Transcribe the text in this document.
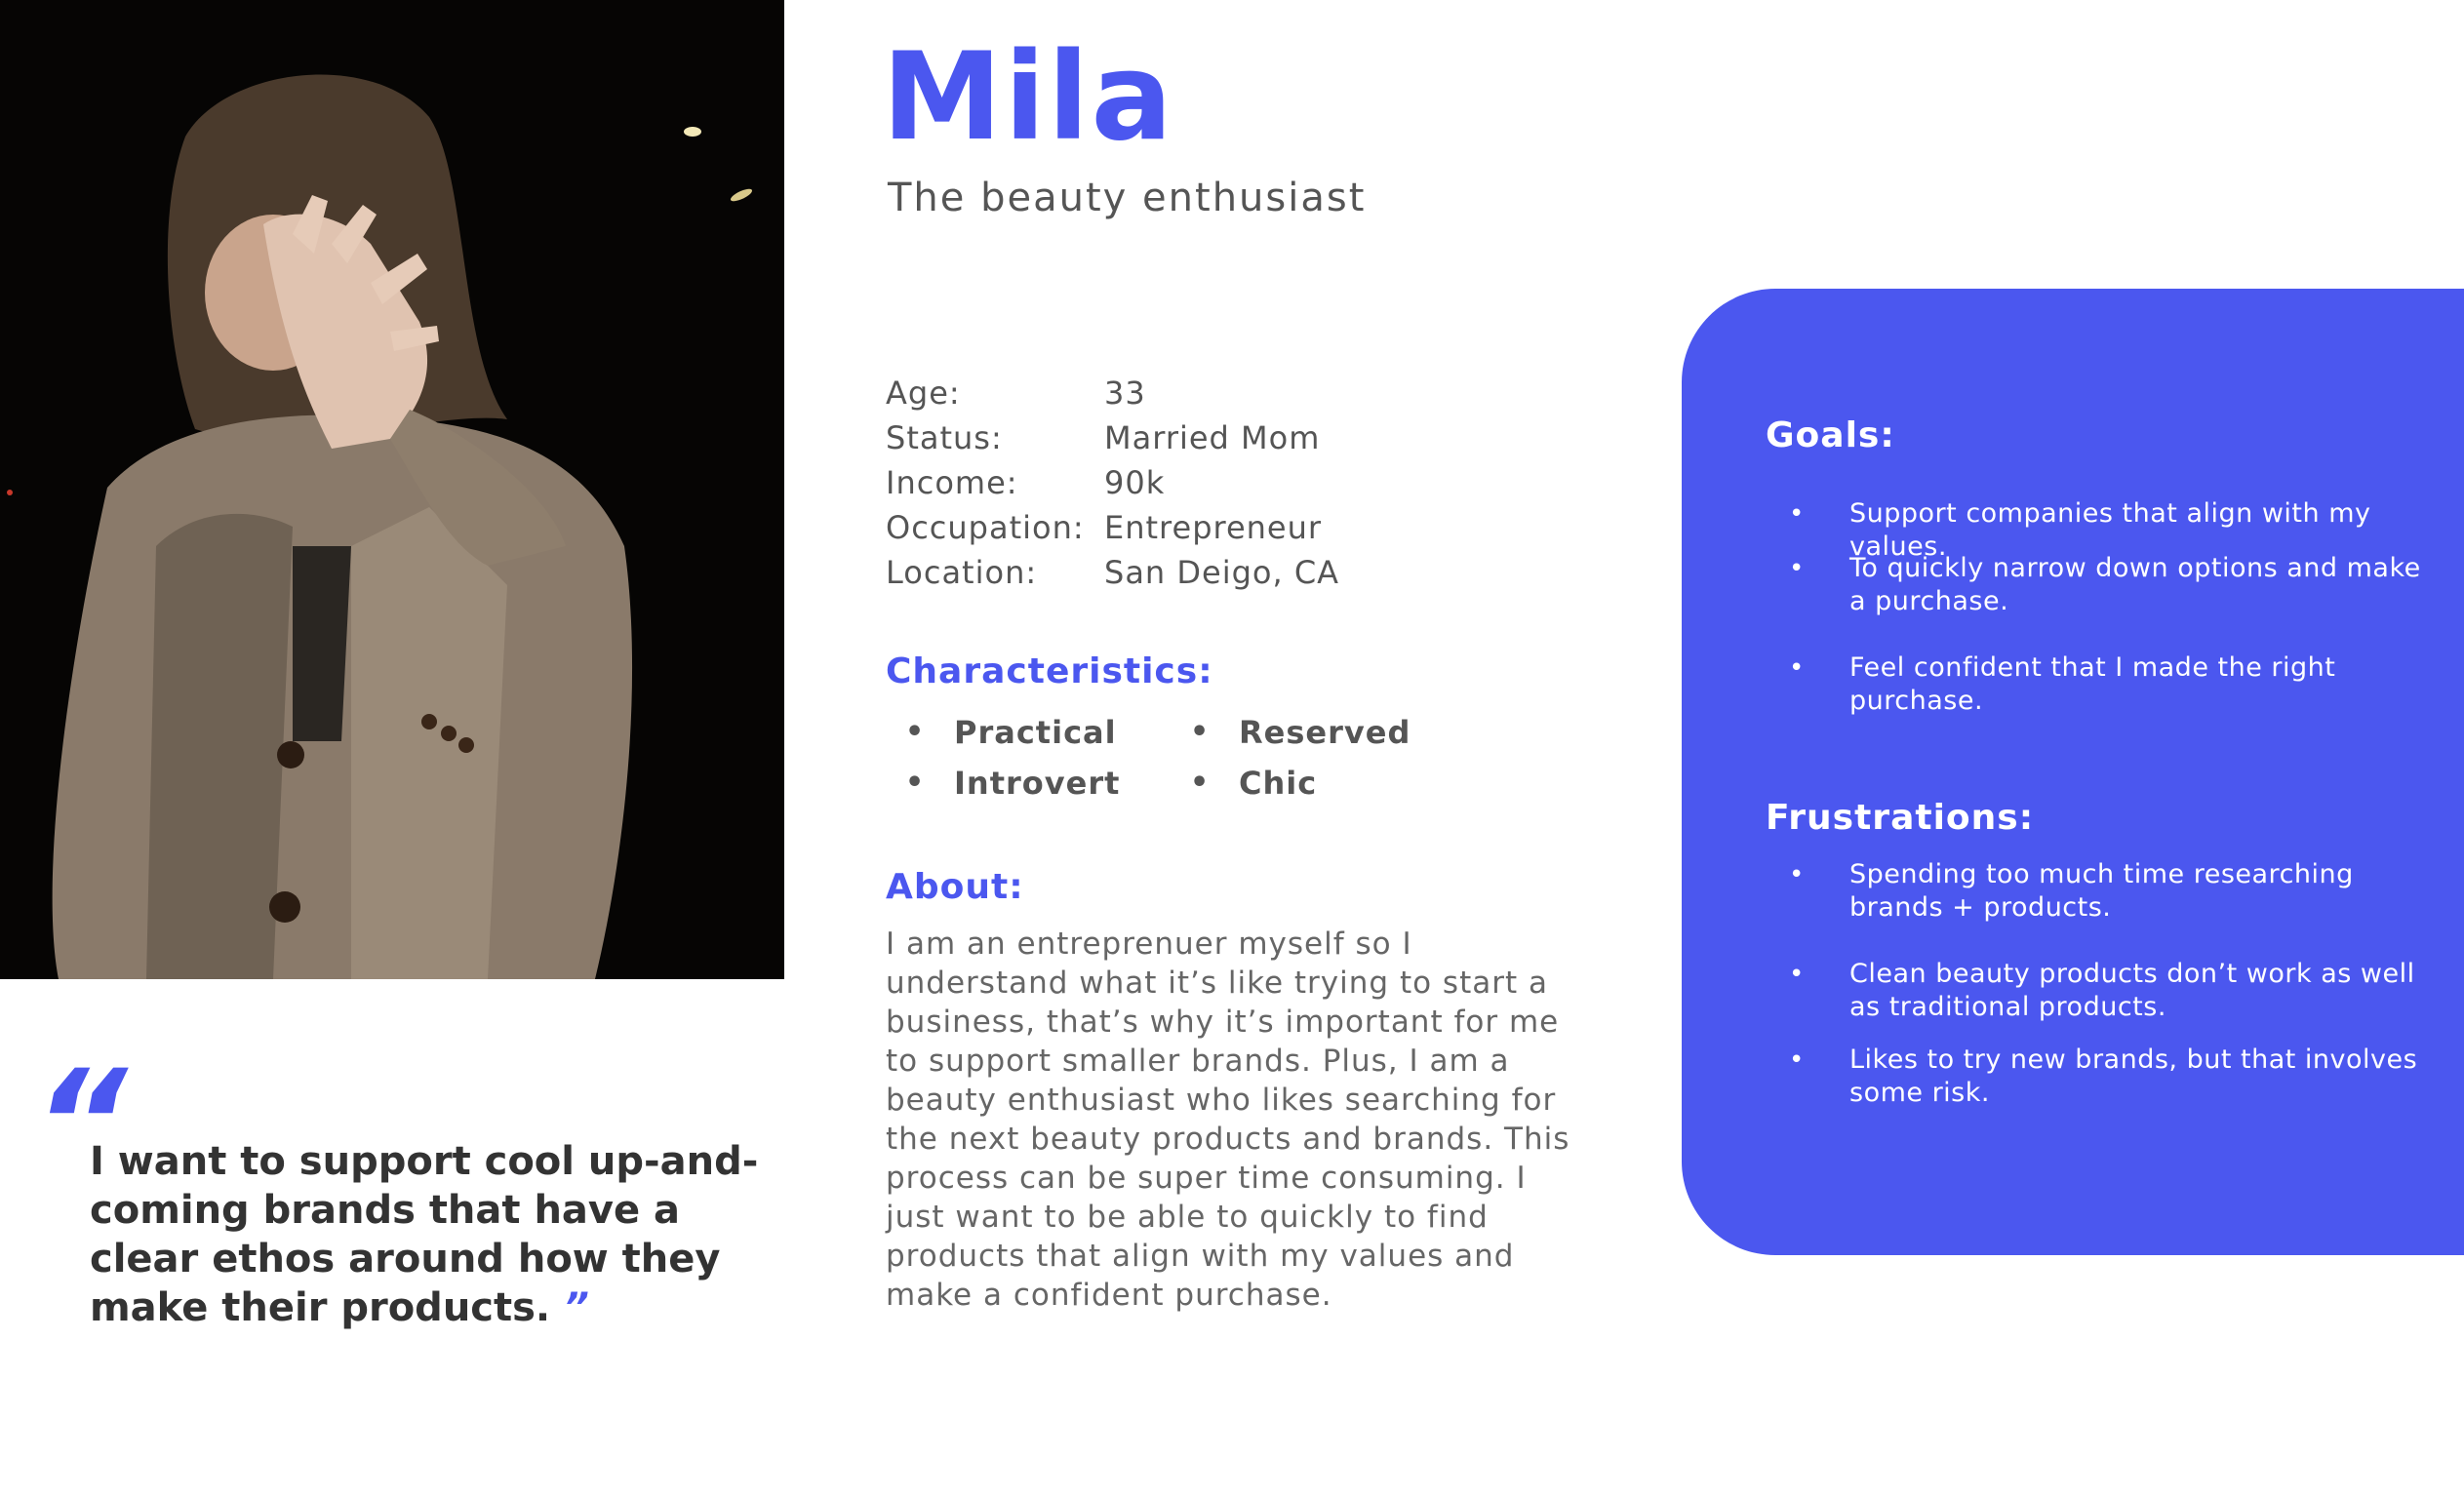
“
I want to support cool up-and-coming brands that have a clear ethos around how they make their products. ”
Mila
The beauty enthusiast
Age:	33
Status:	Married Mom
Income:	90k
Occupation: Entrepreneur
Location:	San Deigo, CA
Characteristics:
• Practical	• Reserved
• Introvert • Chic
About:
I am an entreprenuer myself so I understand what it’s like trying to start a business, that’s why it’s important for me to support smaller brands. Plus, I am a beauty enthusiast who likes searching for the next beauty products and brands. This process can be super time consuming. I just want to be able to quickly to find products that align with my values and make a confident purchase.
Goals:
• Support companies that align with my values.
• To quickly narrow down options and make a purchase.
• Feel confident that I made the right purchase.
Frustrations:
• Spending too much time researching brands + products.
• Clean beauty products don’t work as well as traditional products.
• Likes to try new brands, but that involves some risk.
